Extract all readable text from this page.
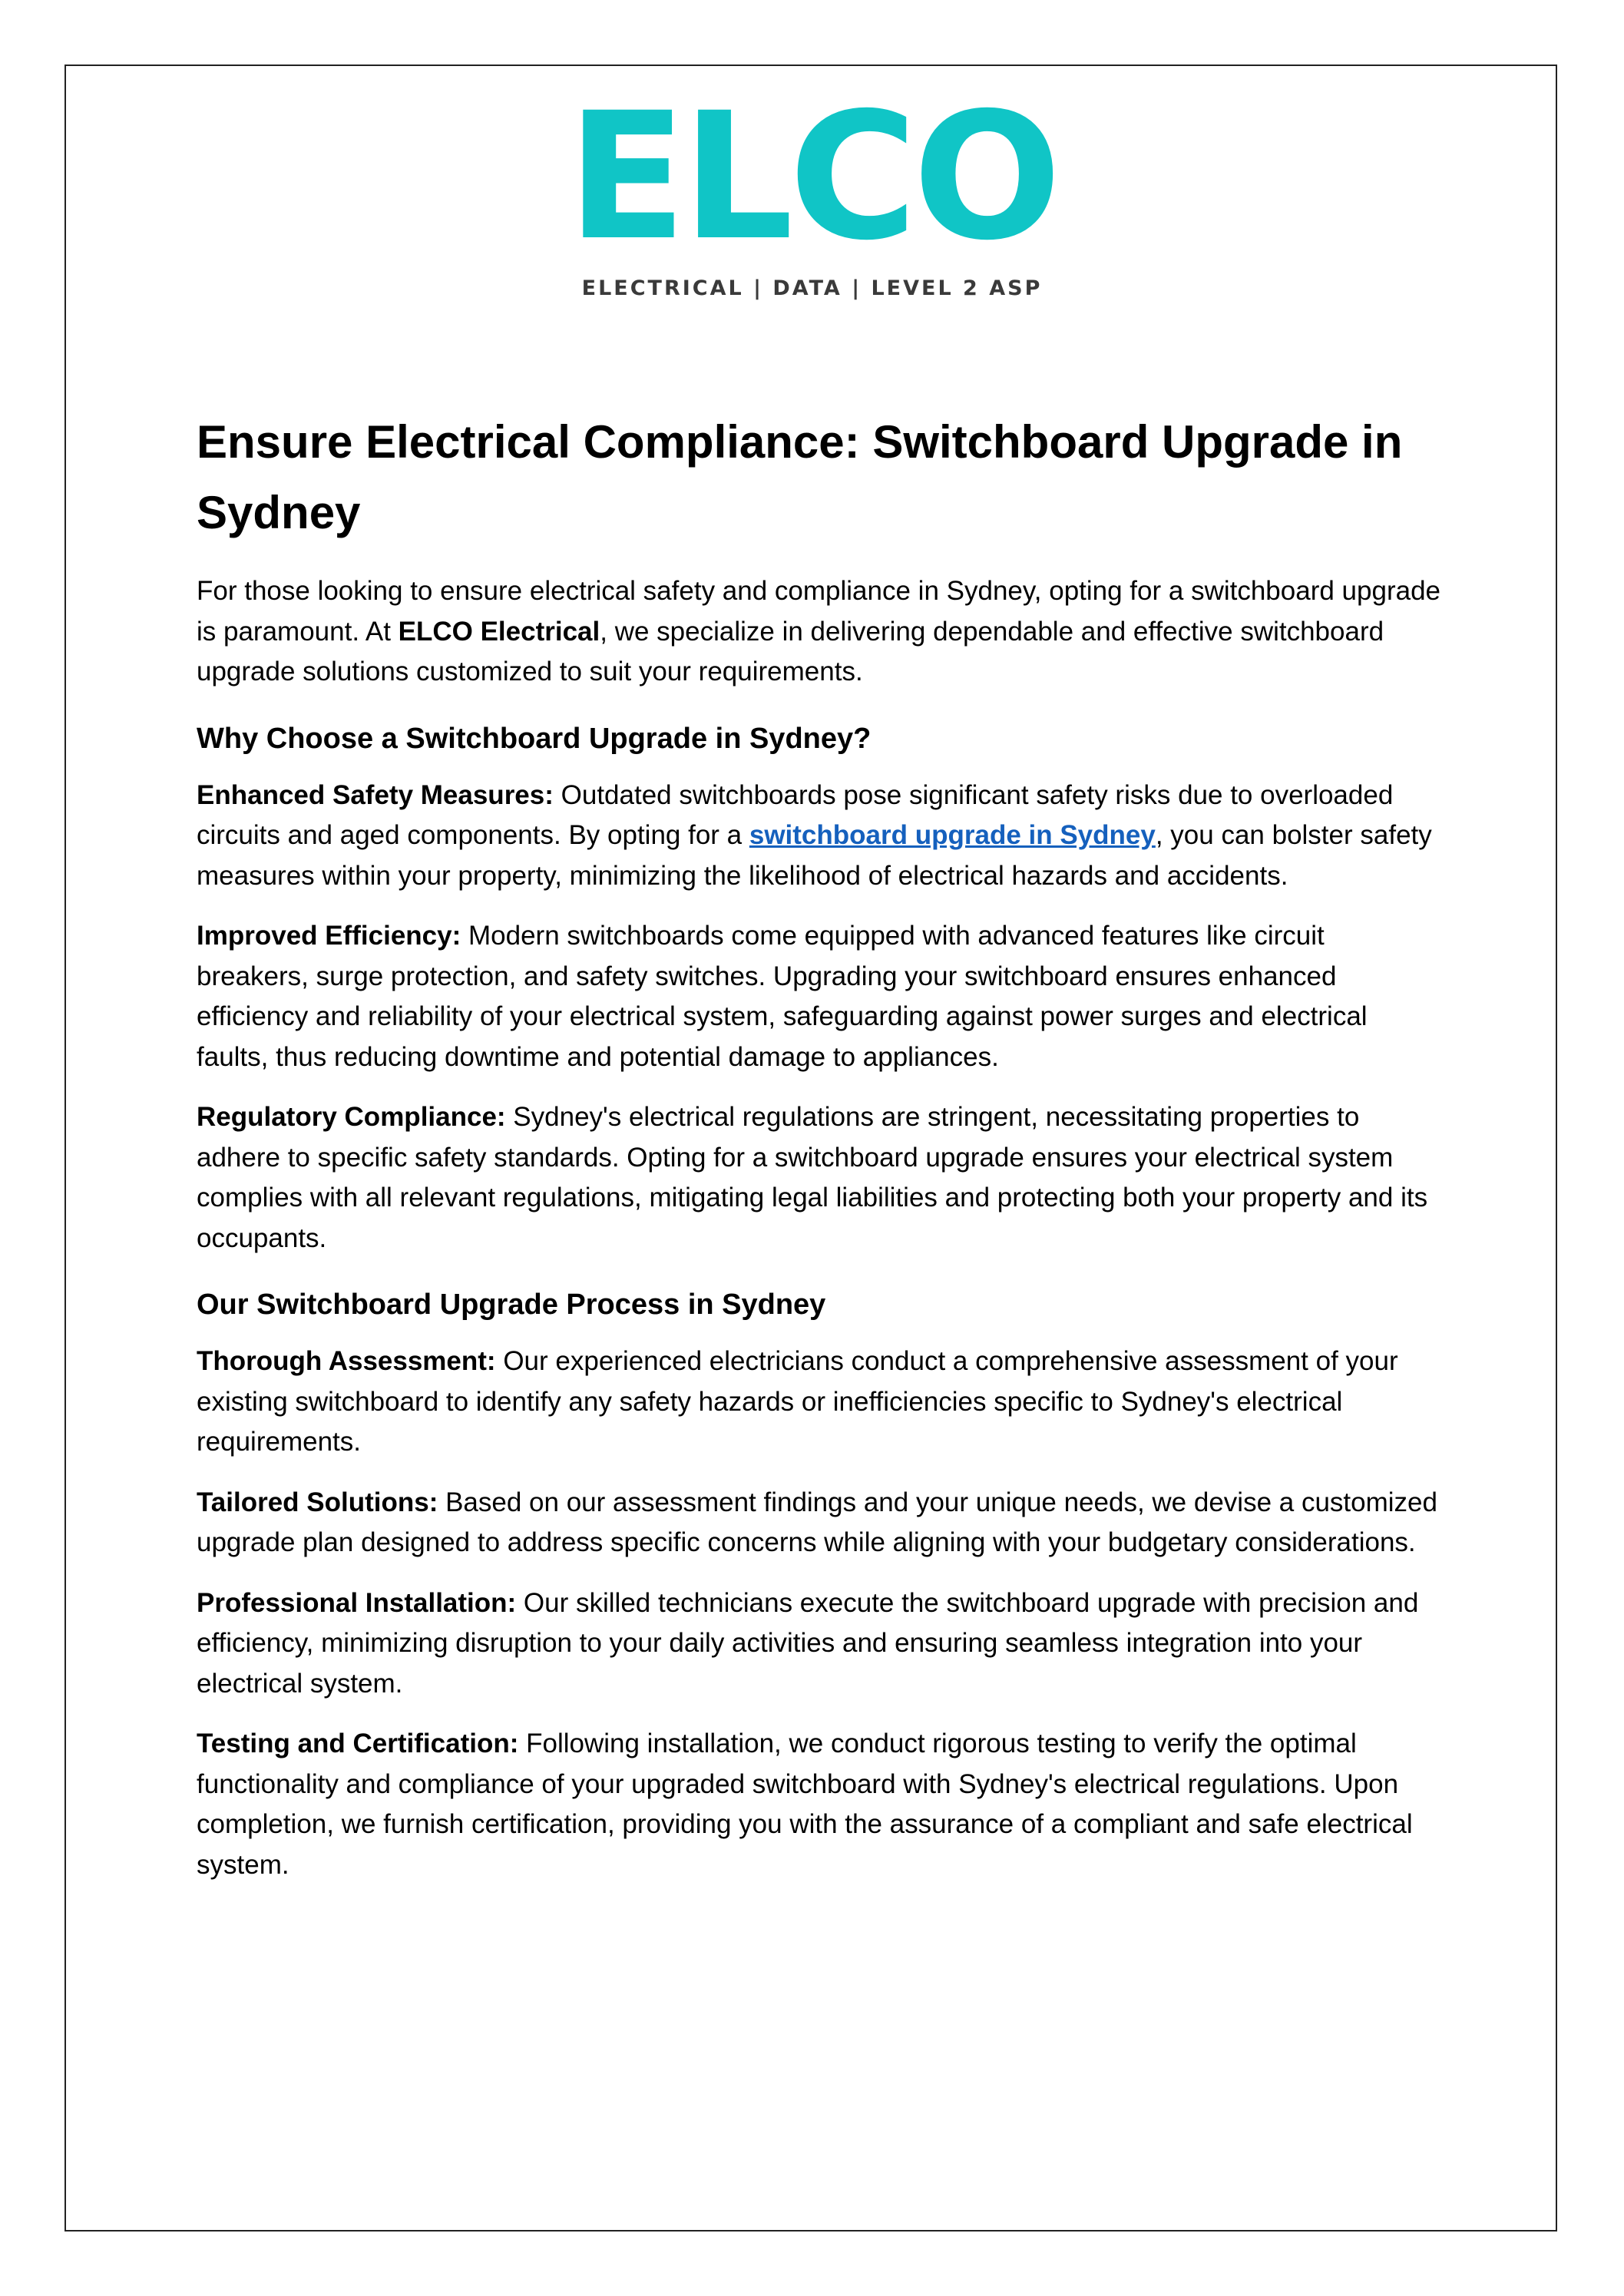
ELCO
ELECTRICAL | DATA | LEVEL 2 ASP
Ensure Electrical Compliance: Switchboard Upgrade in Sydney

For those looking to ensure electrical safety and compliance in Sydney, opting for a switchboard upgrade is paramount. At ELCO Electrical, we specialize in delivering dependable and effective switchboard upgrade solutions customized to suit your requirements.

Why Choose a Switchboard Upgrade in Sydney?

Enhanced Safety Measures: Outdated switchboards pose significant safety risks due to overloaded circuits and aged components. By opting for a switchboard upgrade in Sydney, you can bolster safety measures within your property, minimizing the likelihood of electrical hazards and accidents.

Improved Efficiency: Modern switchboards come equipped with advanced features like circuit breakers, surge protection, and safety switches. Upgrading your switchboard ensures enhanced efficiency and reliability of your electrical system, safeguarding against power surges and electrical faults, thus reducing downtime and potential damage to appliances.

Regulatory Compliance: Sydney's electrical regulations are stringent, necessitating properties to adhere to specific safety standards. Opting for a switchboard upgrade ensures your electrical system complies with all relevant regulations, mitigating legal liabilities and protecting both your property and its occupants.

Our Switchboard Upgrade Process in Sydney

Thorough Assessment: Our experienced electricians conduct a comprehensive assessment of your existing switchboard to identify any safety hazards or inefficiencies specific to Sydney's electrical requirements.

Tailored Solutions: Based on our assessment findings and your unique needs, we devise a customized upgrade plan designed to address specific concerns while aligning with your budgetary considerations.

Professional Installation: Our skilled technicians execute the switchboard upgrade with precision and efficiency, minimizing disruption to your daily activities and ensuring seamless integration into your electrical system.

Testing and Certification: Following installation, we conduct rigorous testing to verify the optimal functionality and compliance of your upgraded switchboard with Sydney's electrical regulations. Upon completion, we furnish certification, providing you with the assurance of a compliant and safe electrical system.
